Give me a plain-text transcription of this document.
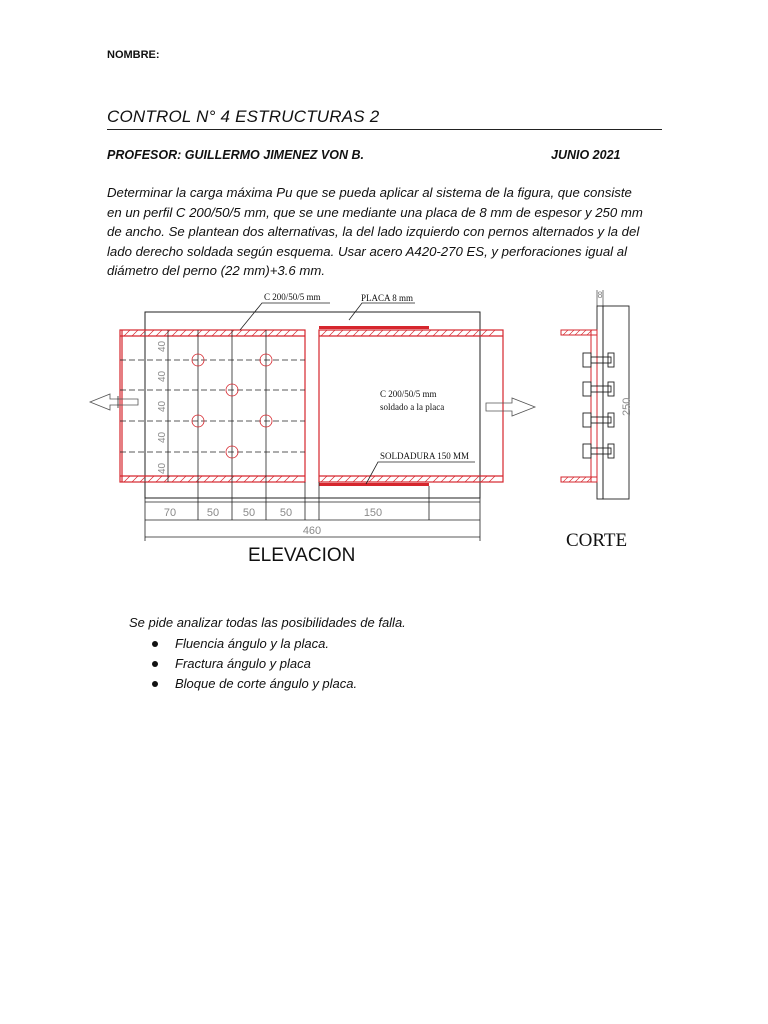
NOMBRE:
CONTROL N° 4 ESTRUCTURAS 2
PROFESOR: GUILLERMO JIMENEZ VON B.	JUNIO 2021
Determinar la carga máxima Pu que se pueda aplicar al sistema de la figura, que consiste
en un perfil C 200/50/5 mm, que se une mediante una placa de 8 mm de espesor y 250 mm
de ancho. Se plantean dos alternativas, la del lado izquierdo con pernos alternados y la del
lado derecho soldada según esquema. Usar acero A420-270 ES, y perforaciones igual al
diámetro del perno (22 mm)+3.6 mm.
40
40
40
40
40
C 200/50/5 mm	PLACA 8 mm
C 200/50/5 mm
soldado a la placa
SOLDADURA 150 MM
70	50 50 50	150
460
ELEVACION
8
250
CORTE
Se pide analizar todas las posibilidades de falla.
Fluencia ángulo y la placa.
Fractura ángulo y placa
Bloque de corte ángulo y placa.
